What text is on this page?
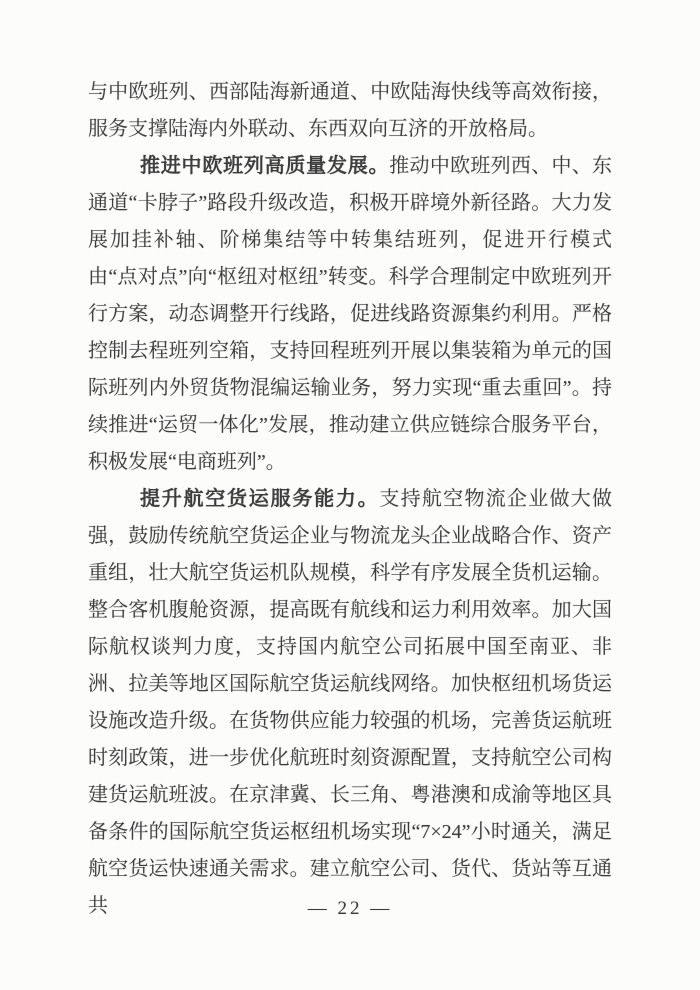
与中欧班列、西部陆海新通道、中欧陆海快线等高效衔接，服务支撑陆海内外联动、东西双向互济的开放格局。

推进中欧班列高质量发展。推动中欧班列西、中、东通道“卡脖子”路段升级改造，积极开辟境外新径路。大力发展加挂补轴、阶梯集结等中转集结班列，促进开行模式由“点对点”向“枢纽对枢纽”转变。科学合理制定中欧班列开行方案，动态调整开行线路，促进线路资源集约利用。严格控制去程班列空箱，支持回程班列开展以集装箱为单元的国际班列内外贸货物混编运输业务，努力实现“重去重回”。持续推进“运贸一体化”发展，推动建立供应链综合服务平台，积极发展“电商班列”。

提升航空货运服务能力。支持航空物流企业做大做强，鼓励传统航空货运企业与物流龙头企业战略合作、资产重组，壮大航空货运机队规模，科学有序发展全货机运输。整合客机腹舱资源，提高既有航线和运力利用效率。加大国际航权谈判力度，支持国内航空公司拓展中国至南亚、非洲、拉美等地区国际航空货运航线网络。加快枢纽机场货运设施改造升级。在货物供应能力较强的机场，完善货运航班时刻政策，进一步优化航班时刻资源配置，支持航空公司构建货运航班波。在京津冀、长三角、粤港澳和成渝等地区具备条件的国际航空货运枢纽机场实现“7×24”小时通关，满足航空货运快速通关需求。建立航空公司、货代、货站等互通共	— 22 —
